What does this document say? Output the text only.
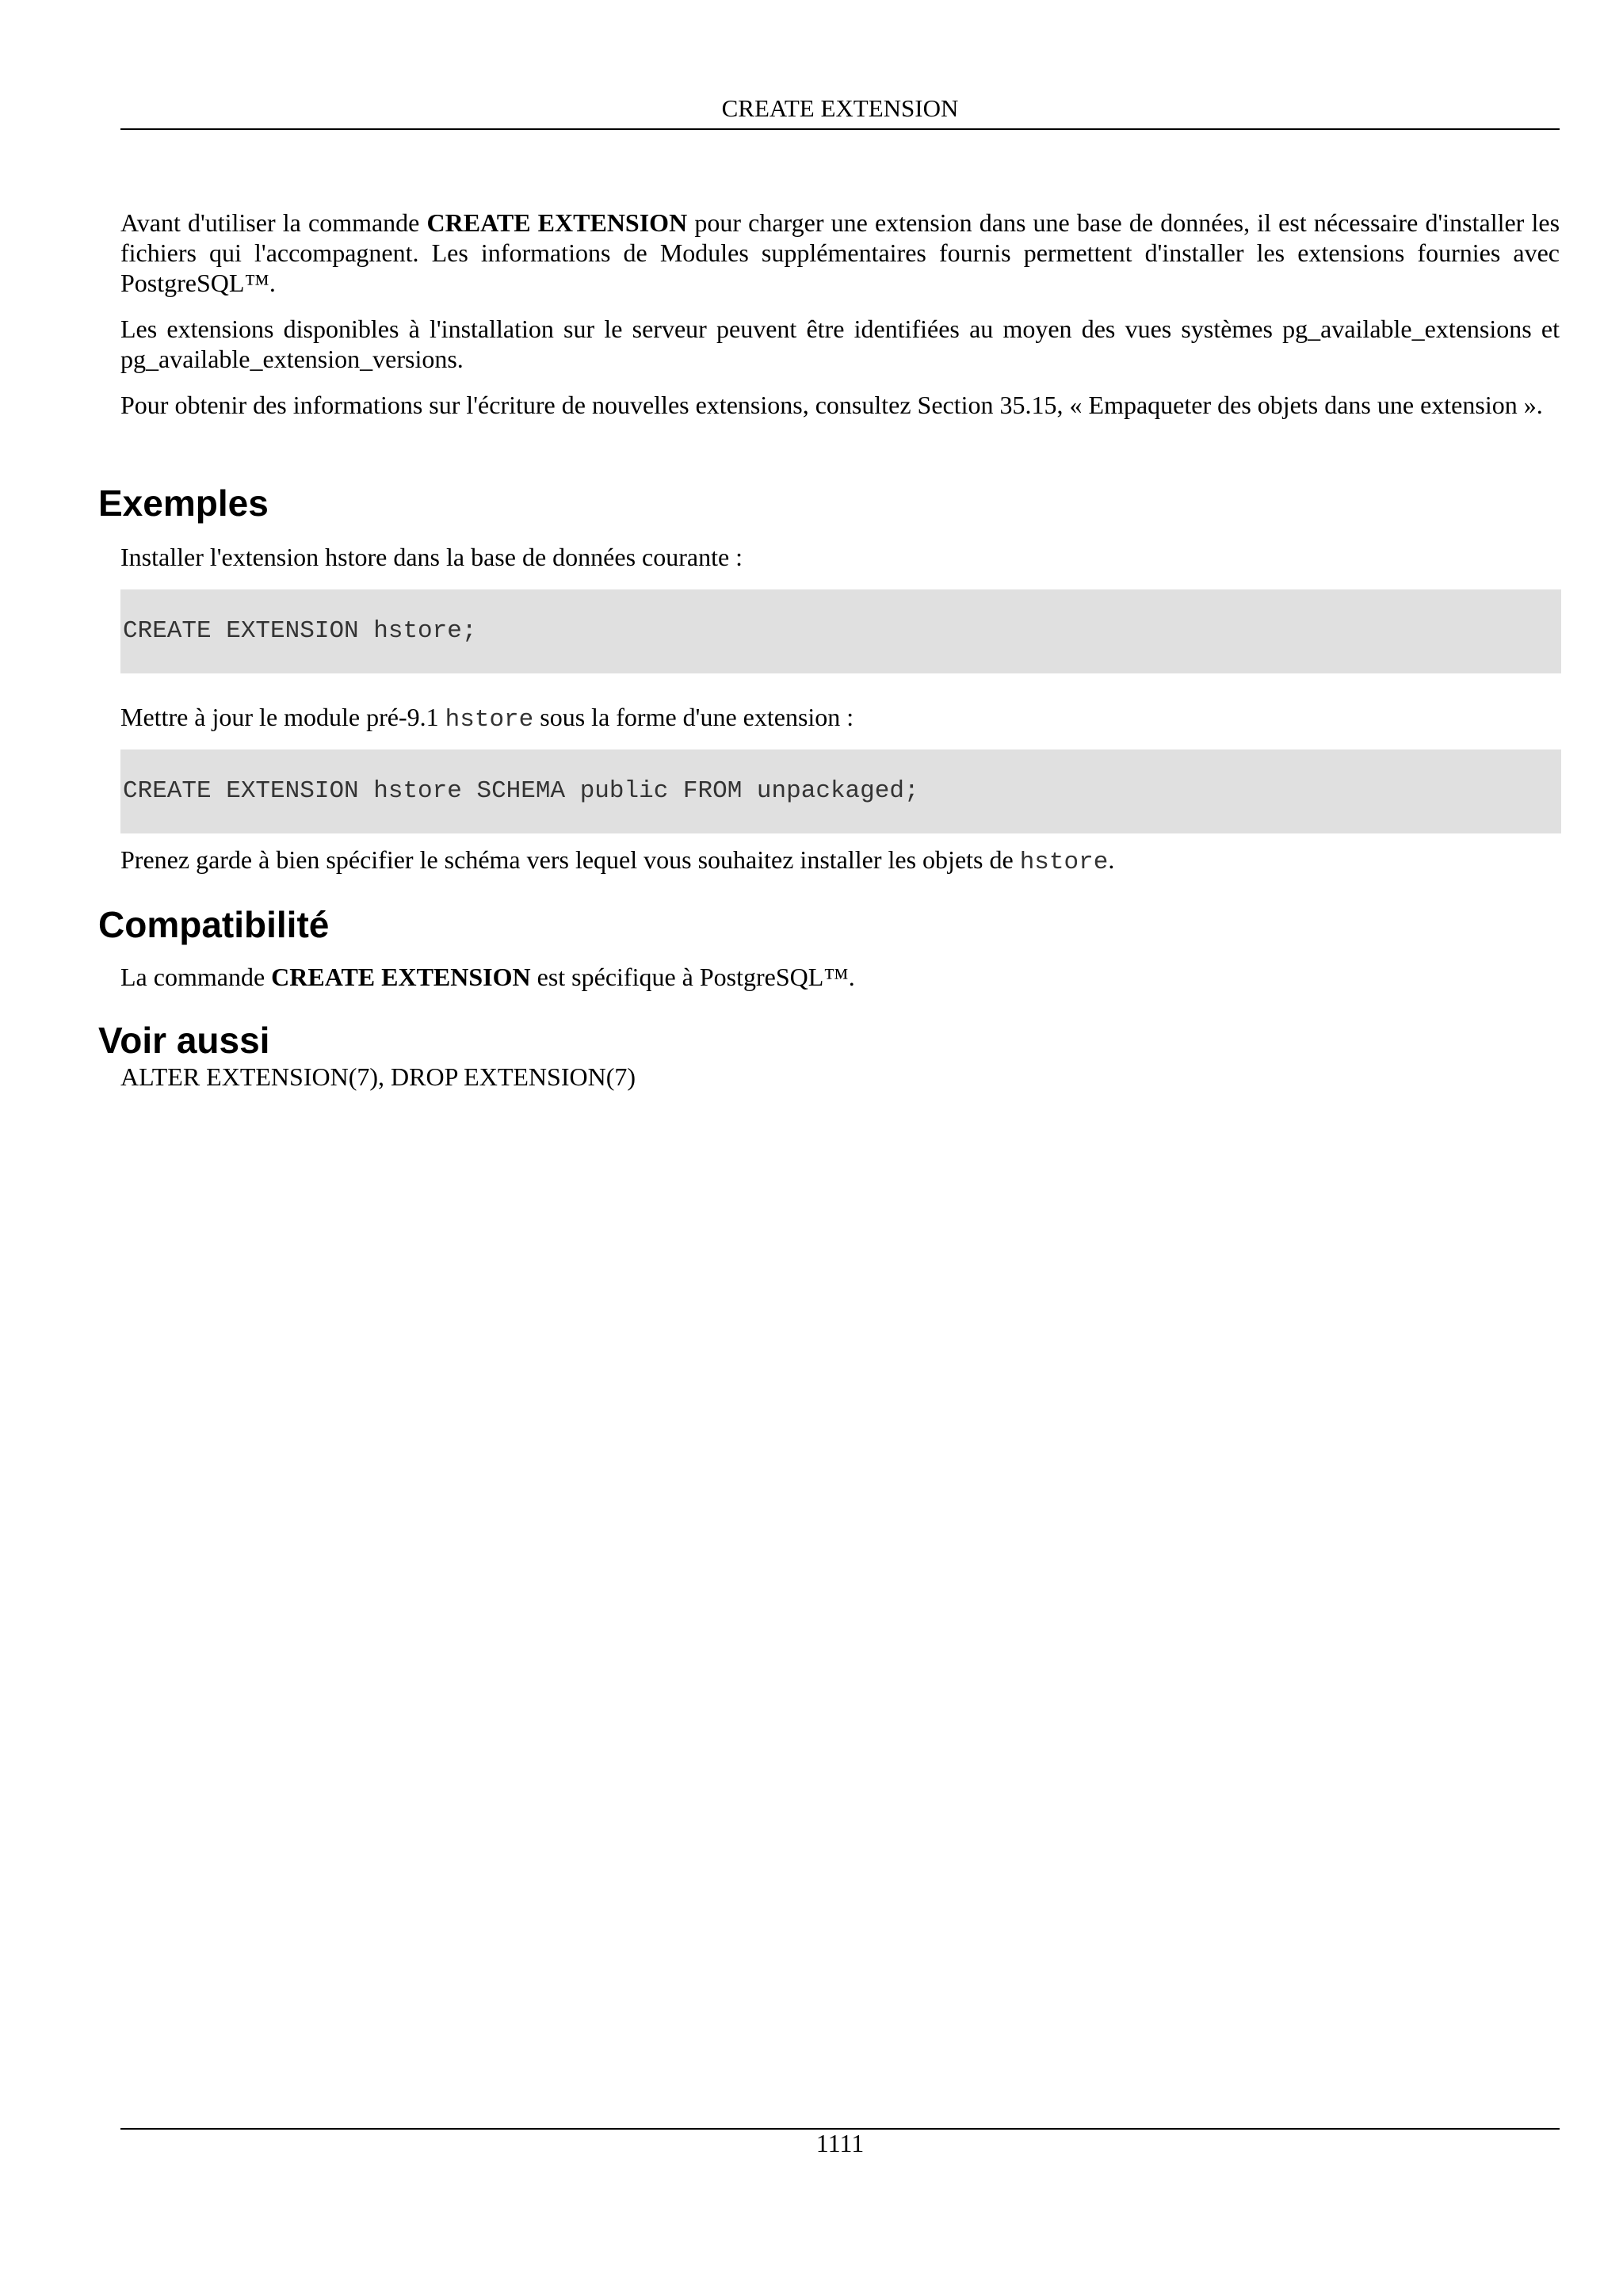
CREATE EXTENSION

Avant d'utiliser la commande CREATE EXTENSION pour charger une extension dans une base de données, il est nécessaire d'installer les fichiers qui l'accompagnent. Les informations de Modules supplémentaires fournis permettent d'installer les extensions fournies avec PostgreSQL™.

Les extensions disponibles à l'installation sur le serveur peuvent être identifiées au moyen des vues systèmes pg_available_extensions et pg_available_extension_versions.

Pour obtenir des informations sur l'écriture de nouvelles extensions, consultez Section 35.15, « Empaqueter des objets dans une extension ».

Exemples

Installer l'extension hstore dans la base de données courante :

CREATE EXTENSION hstore;

Mettre à jour le module pré-9.1 hstore sous la forme d'une extension :

CREATE EXTENSION hstore SCHEMA public FROM unpackaged;

Prenez garde à bien spécifier le schéma vers lequel vous souhaitez installer les objets de hstore.

Compatibilité

La commande CREATE EXTENSION est spécifique à PostgreSQL™.

Voir aussi

ALTER EXTENSION(7), DROP EXTENSION(7)

1111
